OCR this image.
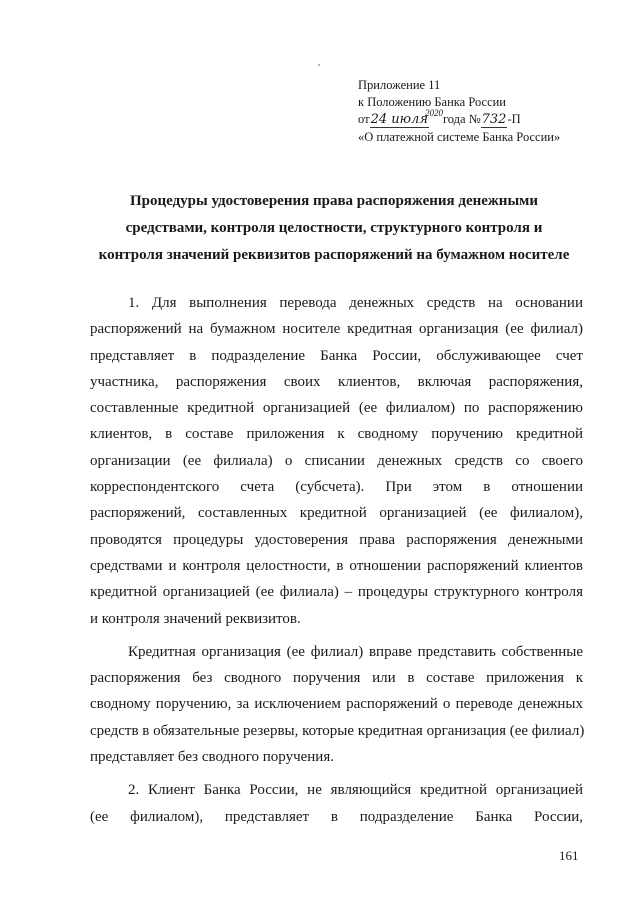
Приложение 11
к Положению Банка России
от24 июля$^{2020}$года №732-П
«О платежной системе Банка России»
Процедуры удостоверения права распоряжения денежными
средствами, контроля целостности, структурного контроля и
контроля значений реквизитов распоряжений на бумажном носителе
1. Для выполнения перевода денежных средств на основании
распоряжений на бумажном носителе кредитная организация (ее филиал)
представляет в подразделение Банка России, обслуживающее счет
участника, распоряжения своих клиентов, включая распоряжения,
составленные кредитной организацией (ее филиалом) по распоряжению
клиентов, в составе приложения к сводному поручению кредитной
организации (ее филиала) о списании денежных средств со своего
корреспондентского счета (субсчета). При этом в отношении
распоряжений, составленных кредитной организацией (ее филиалом),
проводятся процедуры удостоверения права распоряжения денежными
средствами и контроля целостности, в отношении распоряжений клиентов
кредитной организацией (ее филиала) – процедуры структурного контроля
и контроля значений реквизитов.
Кредитная организация (ее филиал) вправе представить собственные
распоряжения без сводного поручения или в составе приложения к
сводному поручению, за исключением распоряжений о переводе денежных
средств в обязательные резервы, которые кредитная организация (ее филиал)
представляет без сводного поручения.
2. Клиент Банка России, не являющийся кредитной организацией
(ее филиалом), представляет в подразделение Банка России,
161
